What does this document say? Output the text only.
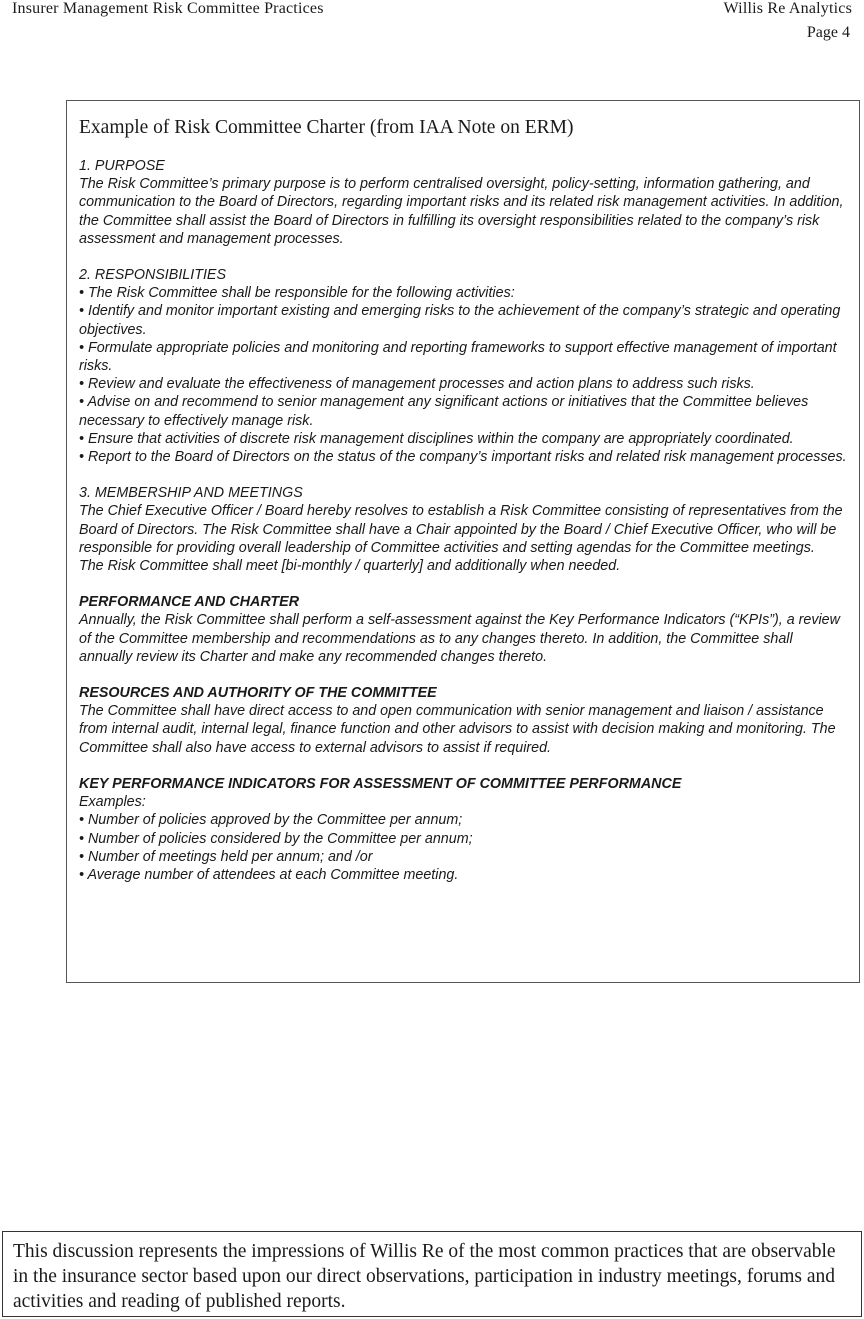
Insurer Management Risk Committee Practices	Willis Re Analytics
Page 4
Example of Risk Committee Charter (from IAA Note on ERM)

1. PURPOSE

The Risk Committee’s primary purpose is to perform centralised oversight, policy-setting, information gathering, and communication to the Board of Directors, regarding important risks and its related risk management activities. In addition, the Committee shall assist the Board of Directors in fulfilling its oversight responsibilities related to the company’s risk assessment and management processes.

2. RESPONSIBILITIES

• The Risk Committee shall be responsible for the following activities:

• Identify and monitor important existing and emerging risks to the achievement of the company’s strategic and operating objectives.

• Formulate appropriate policies and monitoring and reporting frameworks to support effective management of important risks.

• Review and evaluate the effectiveness of management processes and action plans to address such risks.

• Advise on and recommend to senior management any significant actions or initiatives that the Committee believes necessary to effectively manage risk.

• Ensure that activities of discrete risk management disciplines within the company are appropriately coordinated.

• Report to the Board of Directors on the status of the company’s important risks and related risk management processes.

3. MEMBERSHIP AND MEETINGS

The Chief Executive Officer / Board hereby resolves to establish a Risk Committee consisting of representatives from the Board of Directors. The Risk Committee shall have a Chair appointed by the Board / Chief Executive Officer, who will be responsible for providing overall leadership of Committee activities and setting agendas for the Committee meetings.

The Risk Committee shall meet [bi-monthly / quarterly] and additionally when needed.

PERFORMANCE AND CHARTER

Annually, the Risk Committee shall perform a self-assessment against the Key Performance Indicators (“KPIs”), a review of the Committee membership and recommendations as to any changes thereto. In addition, the Committee shall annually review its Charter and make any recommended changes thereto.

RESOURCES AND AUTHORITY OF THE COMMITTEE

The Committee shall have direct access to and open communication with senior management and liaison / assistance from internal audit, internal legal, finance function and other advisors to assist with decision making and monitoring. The Committee shall also have access to external advisors to assist if required.

KEY PERFORMANCE INDICATORS FOR ASSESSMENT OF COMMITTEE PERFORMANCE

Examples:

• Number of policies approved by the Committee per annum;

• Number of policies considered by the Committee per annum;

• Number of meetings held per annum; and /or

• Average number of attendees at each Committee meeting.

This discussion represents the impressions of Willis Re of the most common practices that are observable in the insurance sector based upon our direct observations, participation in industry meetings, forums and activities and reading of published reports.
